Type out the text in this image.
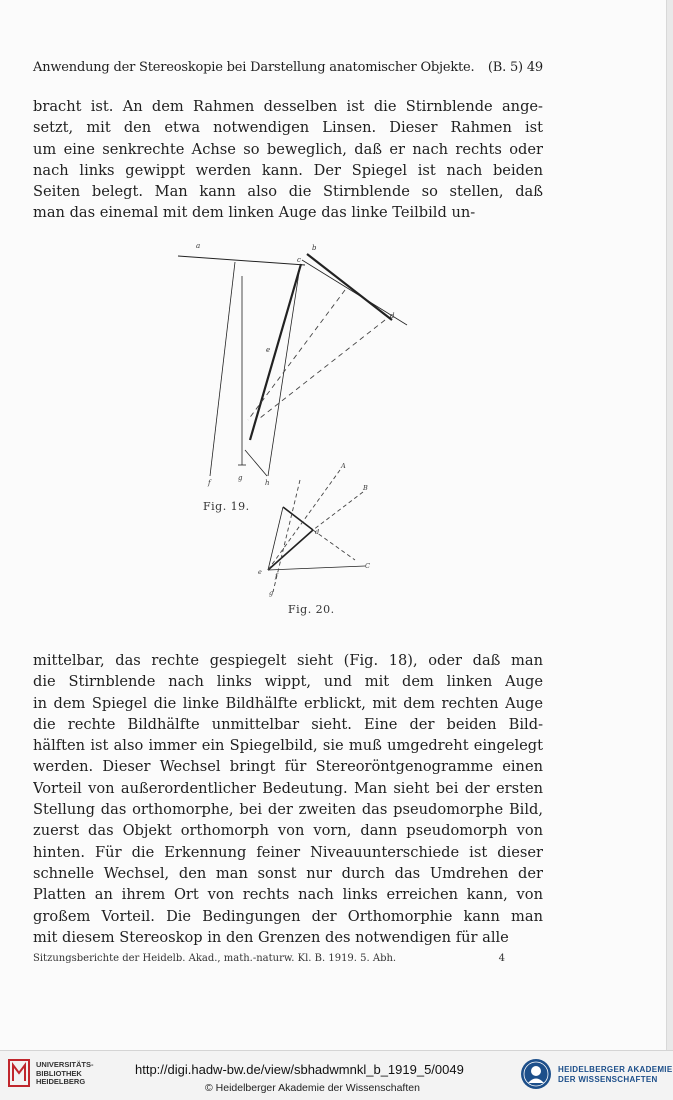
Anwendung der Stereoskopie bei Darstellung anatomischer Objekte. (B. 5) 49
bracht ist. An dem Rahmen desselben ist die Stirnblende ange-
setzt, mit den etwa notwendigen Linsen. Dieser Rahmen ist
um eine senkrechte Achse so beweglich, daß er nach rechts oder
nach links gewippt werden kann. Der Spiegel ist nach beiden
Seiten belegt. Man kann also die Stirnblende so stellen, daß
man das einemal mit dem linken Auge das linke Teilbild un-
a	b
c
d
e
f
g
h
Fig. 19.
A
B
C
d
e f
g
Fig. 20.
mittelbar, das rechte gespiegelt sieht (Fig. 18), oder daß man
die Stirnblende nach links wippt, und mit dem linken Auge
in dem Spiegel die linke Bildhälfte erblickt, mit dem rechten Auge
die rechte Bildhälfte unmittelbar sieht. Eine der beiden Bild-
hälften ist also immer ein Spiegelbild, sie muß umgedreht eingelegt
werden. Dieser Wechsel bringt für Stereoröntgenogramme einen
Vorteil von außerordentlicher Bedeutung. Man sieht bei der ersten
Stellung das orthomorphe, bei der zweiten das pseudomorphe Bild,
zuerst das Objekt orthomorph von vorn, dann pseudomorph von
hinten. Für die Erkennung feiner Niveauunterschiede ist dieser
schnelle Wechsel, den man sonst nur durch das Umdrehen der
Platten an ihrem Ort von rechts nach links erreichen kann, von
großem Vorteil. Die Bedingungen der Orthomorphie kann man
mit diesem Stereoskop in den Grenzen des notwendigen für alle
Sitzungsberichte der Heidelb. Akad., math.-naturw. Kl. B. 1919. 5. Abh.	4
UNIVERSITÄTS-
BIBLIOTHEK
HEIDELBERG
http://digi.hadw-bw.de/view/sbhadwmnkl_b_1919_5/0049
© Heidelberger Akademie der Wissenschaften
HEIDELBERGER AKADEMIE
DER WISSENSCHAFTEN
